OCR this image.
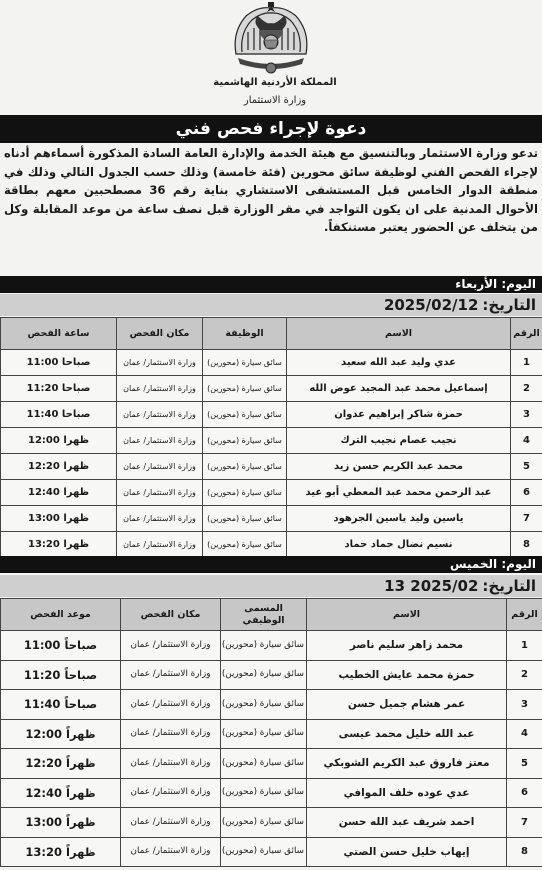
المملكة الأردنية الهاشمية
وزارة الاستثمار
دعوة لإجراء فحص فني
تدعو وزارة الاستثمار وبالتنسيق مع هيئة الخدمة والإدارة العامة السادة المذكورة أسماءهم أدناه لإجراء الفحص الفني لوظيفة سائق محورين (فئة خامسة) وذلك حسب الجدول التالي وذلك في منطقة الدوار الخامس قبل المستشفى الاستشاري بناية رقم 36 مصطحبين معهم بطاقة الأحوال المدنية على ان يكون التواجد في مقر الوزارة قبل نصف ساعة من موعد المقابلة وكل من يتخلف عن الحضور يعتبر مستنكفاً.
اليوم: الأربعاء
التاريخ:2025/02/12
الرقم	الاسم	الوظيفة	مكان الفحص	ساعة الفحص
1	عدي وليد عبد الله سعيد	سائق سيارة (محورين)	وزارة الاستثمار/ عمان	11:00 صباحا
2	إسماعيل محمد عبد المجيد عوض الله	سائق سيارة (محورين)	وزارة الاستثمار/ عمان	11:20 صباحا
3	حمزة شاكر إبراهيم عدوان	سائق سيارة (محورين)	وزارة الاستثمار/ عمان	11:40 صباحا
4	نجيب عصام نجيب الترك	سائق سيارة (محورين)	وزارة الاستثمار/ عمان	12:00 ظهرا
5	محمد عبد الكريم حسن زيد	سائق سيارة (محورين)	وزارة الاستثمار/ عمان	12:20 ظهرا
6	عبد الرحمن محمد عبد المعطي أبو عيد	سائق سيارة (محورين)	وزارة الاستثمار/ عمان	12:40 ظهرا
7	ياسين وليد ياسين الجرهود	سائق سيارة (محورين)	وزارة الاستثمار/ عمان	13:00 ظهرا
8	نسيم نضال حماد حماد	سائق سيارة (محورين)	وزارة الاستثمار/ عمان	13:20 ظهرا
اليوم: الخميس
التاريخ:2025/02 13
الرقم	الاسم	المسمى الوظيفي	مكان الفحص	موعد الفحص
1	محمد زاهر سليم ناصر	سائق سيارة (محورين)	وزارة الاستثمار/ عمان	11:00 صباحاً
2	حمزة محمد عايش الخطيب	سائق سيارة (محورين)	وزارة الاستثمار/ عمان	11:20 صباحاً
3	عمر هشام جميل حسن	سائق سيارة (محورين)	وزارة الاستثمار/ عمان	11:40 صباحاً
4	عبد الله خليل محمد عيسى	سائق سيارة (محورين)	وزارة الاستثمار/ عمان	12:00 ظهراً
5	معتز فاروق عبد الكريم الشوبكي	سائق سيارة (محورين)	وزارة الاستثمار/ عمان	12:20 ظهراً
6	عدي عوده خلف الموافي	سائق سيارة (محورين)	وزارة الاستثمار/ عمان	12:40 ظهراً
7	احمد شريف عبد الله حسن	سائق سيارة (محورين)	وزارة الاستثمار/ عمان	13:00 ظهراً
8	إيهاب خليل حسن الصتي	سائق سيارة (محورين)	وزارة الاستثمار/ عمان	13:20 ظهراً
